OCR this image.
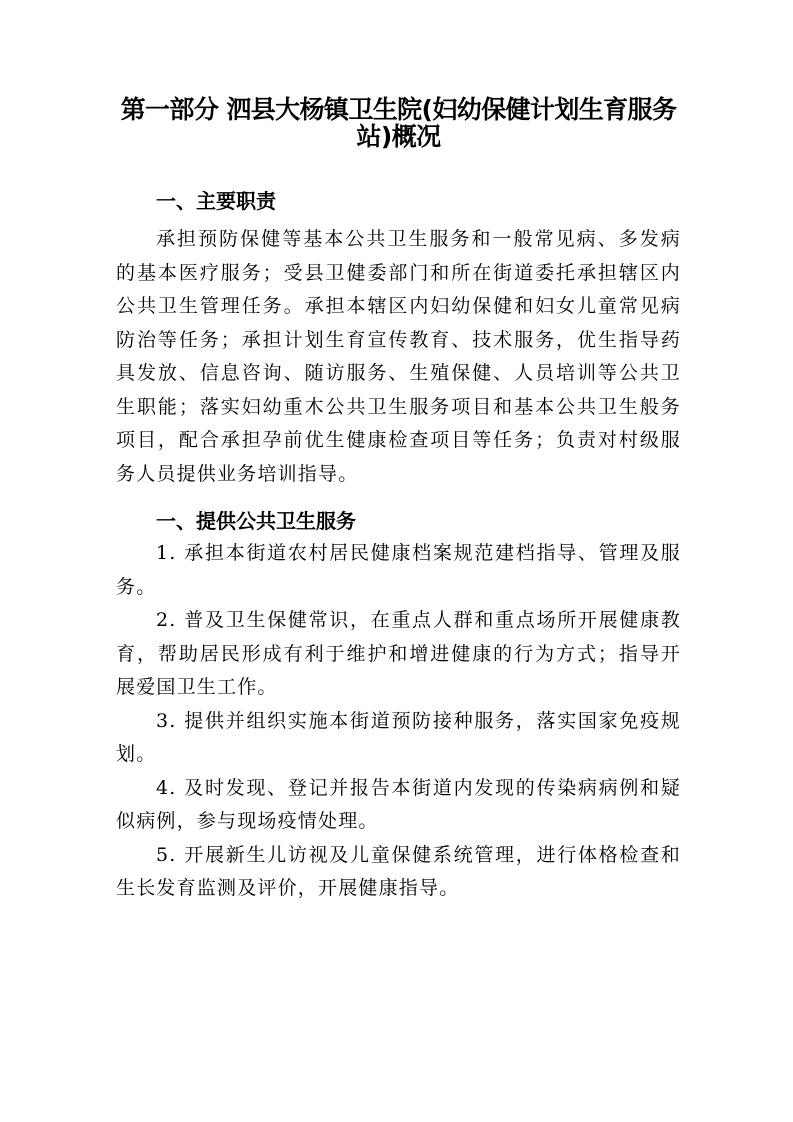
第一部分 泗县大杨镇卫生院(妇幼保健计划生育服务站)概况
一、主要职责

承担预防保健等基本公共卫生服务和一般常见病、多发病的基本医疗服务；受县卫健委部门和所在街道委托承担辖区内公共卫生管理任务。承担本辖区内妇幼保健和妇女儿童常见病防治等任务；承担计划生育宣传教育、技术服务，优生指导药具发放、信息咨询、随访服务、生殖保健、人员培训等公共卫生职能；落实妇幼重木公共卫生服务项目和基本公共卫生般务项目，配合承担孕前优生健康检查项目等任务；负责对村级服务人员提供业务培训指导。

一、提供公共卫生服务

1. 承担本街道农村居民健康档案规范建档指导、管理及服务。

2. 普及卫生保健常识，在重点人群和重点场所开展健康教育，帮助居民形成有利于维护和增进健康的行为方式；指导开展爱国卫生工作。

3. 提供并组织实施本街道预防接种服务，落实国家免疫规划。

4. 及时发现、登记并报告本街道内发现的传染病病例和疑似病例，参与现场疫情处理。

5. 开展新生儿访视及儿童保健系统管理，进行体格检查和生长发育监测及评价，开展健康指导。
